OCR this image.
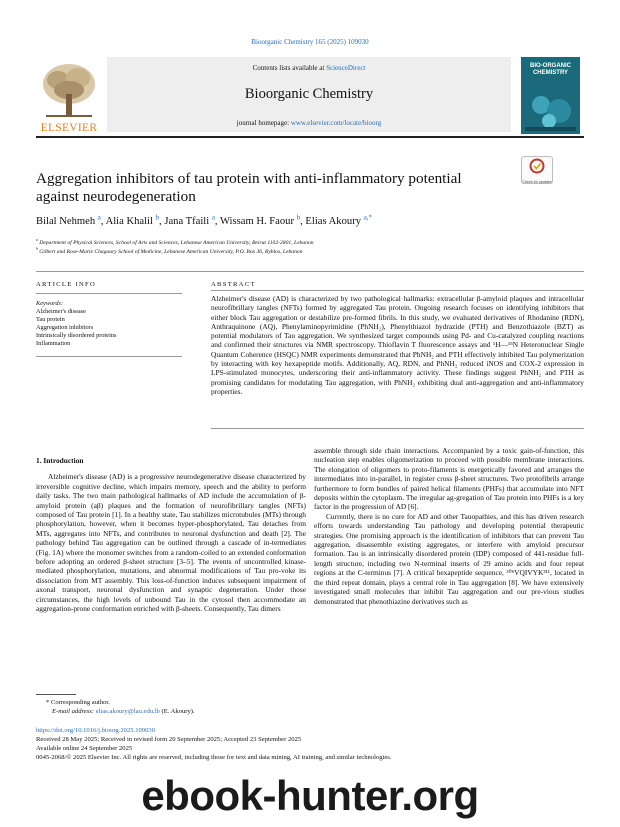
Bioorganic Chemistry 165 (2025) 109030
ELSEVIER
Contents lists available at ScienceDirect
Bioorganic Chemistry
journal homepage: www.elsevier.com/locate/bioorg
BIO-ORGANIC CHEMISTRY
Aggregation inhibitors of tau protein with anti-inflammatory potential against neurodegeneration
Check for updates
Bilal Nehmeh $^a$, Alia Khalil $^b$, Jana Tfaili $^a$, Wissam H. Faour $^b$, Elias Akoury $^{a,*}$
$^a$ Department of Physical Sciences, School of Arts and Sciences, Lebanese American University, Beirut 1102-2801, Lebanon
$^b$ Gilbert and Rose-Marie Chagoury School of Medicine, Lebanese American University, P.O. Box 36, Byblos, Lebanon
ARTICLE INFO
Keywords:
Alzheimer's disease
Tau protein
Aggregation inhibitors
Intrinsically disordered proteins
Inflammation
ABSTRACT
Alzheimer's disease (AD) is characterized by two pathological hallmarks: extracellular β-amyloid plaques and intracellular neurofibrillary tangles (NFTs) formed by aggregated Tau protein. Ongoing research focuses on identifying inhibitors that either block Tau aggregation or destabilize pre-formed fibrils. In this study, we evaluated derivatives of Rhodanine (RDN), Anthraquinone (AQ), Phenylaminopyrimidine (PhNH₂), Phenylthiazol hydrazide (PTH) and Benzothiazole (BZT) as potential modulators of Tau aggregation. We synthesized target compounds using Pd- and Cu-catalyzed coupling reactions and confirmed their structures via NMR spectroscopy. Thioflavin T fluorescence assays and ¹H—¹⁵N Heteronuclear Single Quantum Coherence (HSQC) NMR experiments demonstrated that PhNH₂ and PTH effectively inhibited Tau polymerization by interacting with key hexapeptide motifs. Additionally, AQ, RDN, and PhNH₂ reduced iNOS and COX-2 expression in LPS-stimulated monocytes, underscoring their anti-inflammatory activity. These findings suggest PhNH₂ and PTH as promising candidates for modulating Tau aggregation, with PhNH₂ exhibiting dual anti-aggregation and anti-inflammatory properties.

1. Introduction

Alzheimer's disease (AD) is a progressive neurodegenerative disease characterized by irreversible cognitive decline, which impairs memory, speech and the ability to perform daily tasks. The two main pathological hallmarks of AD include the accumulation of β-amyloid protein (aβ) plaques and the formation of neurofibrillary tangles (NFTs) composed of Tau protein [1]. In a healthy state, Tau stabilizes microtubules (MTs) through phosphorylation, however, when it becomes hyper-phosphorylated, Tau detaches from MTs, aggregates into NFTs, and contributes to neuronal dysfunction and death [2]. The pathology behind Tau aggregation can be outlined through a cascade of in-termediates (Fig. 1A) where the monomer switches from a random-coiled to an extended conformation before adopting an ordered β-sheet structure [3–5]. The events of uncontrolled kinase-mediated phosphorylation, mutations, and abnormal modifications of Tau pro-voke its dissociation from MT assembly. This loss-of-function induces subsequent impairment of axonal transport, neuronal dysfunction and synaptic degeneration. Under those circumstances, the high levels of unbound Tau in the cytosol then accommodate an aggregation-prone conformation enriched with β-sheets. Consequently, Tau dimers

assemble through side chain interactions. Accompanied by a toxic gain-of-function, this nucleation step enables oligomerization to proceed with possible membrane interactions. The elongation of oligomers to proto-filaments is energetically favored and arranges the intermediates into in-parallel, in register cross β-sheet structures. Two protofibrils arrange furthermore to form bundles of paired helical filaments (PHFs) that accumulate into NFT deposits within the cytoplasm. The irregular ag-gregation of Tau protein into PHFs is a key factor in the progression of AD [6].

Currently, there is no cure for AD and other Tauopathies, and this has driven research efforts towards understanding Tau pathology and developing potential therapeutic strategies. One promising approach is the identification of inhibitors that can prevent Tau aggregation, disassemble existing aggregates, or interfere with amyloid precursor formation. Tau is an intrinsically disordered protein (IDP) composed of 441-residue full-length structure, including two N-terminal inserts of 29 amino acids and four repeat regions at the C-terminus [7]. A critical hexapeptide sequence, ³⁰⁶VQIVYK³¹¹, located in the third repeat domain, plays a central role in Tau aggregation [8]. We have extensively investigated small molecules that inhibit Tau aggregation and our pre-vious studies demonstrated that phenothiazine derivatives such as

* Corresponding author.
E-mail address: elias.akoury@lau.edu.lb (E. Akoury).
https://doi.org/10.1016/j.bioorg.2025.109030
Received 28 May 2025; Received in revised form 20 September 2025; Accepted 23 September 2025
Available online 24 September 2025
0045-2068/© 2025 Elsevier Inc. All rights are reserved, including those for text and data mining, AI training, and similar technologies.
ebook-hunter.org
